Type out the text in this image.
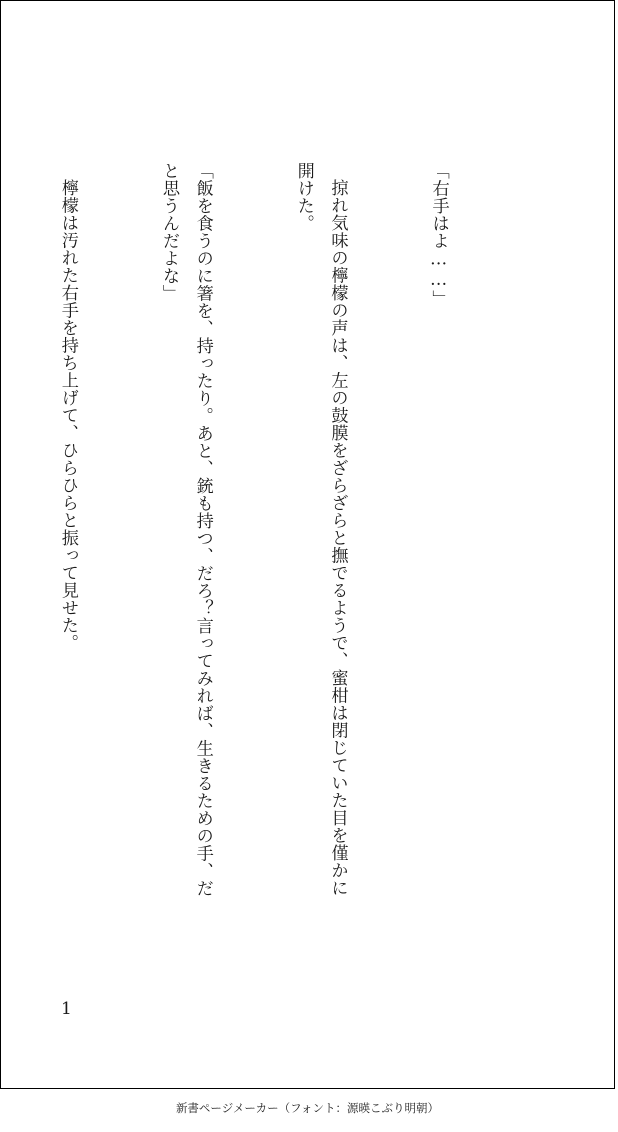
「右手はよ……」

掠れ気味の檸檬の声は、左の鼓膜をざらざらと撫でるようで、蜜柑は閉じていた目を僅かに開けた。

「飯を食うのに箸を、持ったり。あと、銃も持つ、だろ？言ってみれば、生きるための手、だと思うんだよな」

檸檬は汚れた右手を持ち上げて、ひらひらと振って見せた。

1
新書ページメーカー（フォント：源暎こぶり明朝）
